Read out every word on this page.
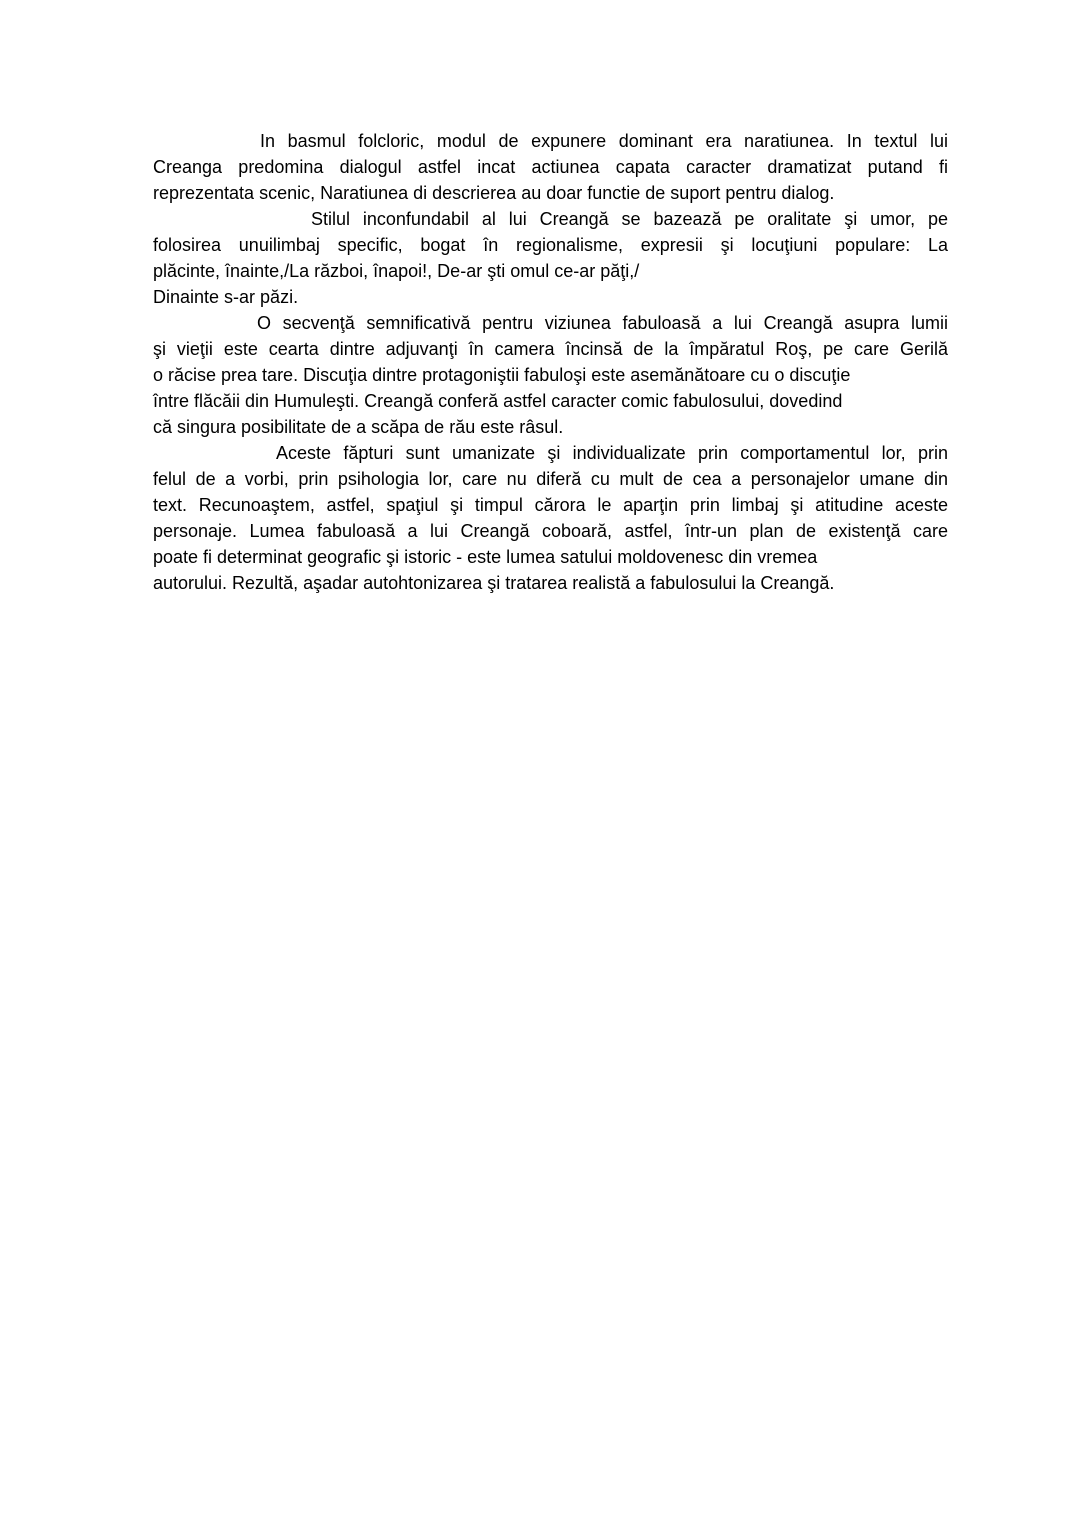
In basmul folcloric, modul de expunere dominant era naratiunea. In textul lui
Creanga predomina dialogul astfel incat actiunea capata caracter dramatizat putand fi
reprezentata scenic, Naratiunea di descrierea au doar functie de suport pentru dialog.
Stilul inconfundabil al lui Creangă se bazează pe oralitate şi umor, pe
folosirea unuilimbaj specific, bogat în regionalisme, expresii şi locuţiuni populare: La
plăcinte, înainte,/La război, înapoi!, De-ar şti omul ce-ar păţi,/
Dinainte s-ar păzi.
O secvenţă semnificativă pentru viziunea fabuloasă a lui Creangă asupra lumii
şi vieţii este cearta dintre adjuvanţi în camera încinsă de la împăratul Roş, pe care Gerilă
o răcise prea tare. Discuţia dintre protagoniştii fabuloşi este asemănătoare cu o discuţie
între flăcăii din Humuleşti. Creangă conferă astfel caracter comic fabulosului, dovedind
că singura posibilitate de a scăpa de rău este râsul.
Aceste făpturi sunt umanizate şi individualizate prin comportamentul lor, prin
felul de a vorbi, prin psihologia lor, care nu diferă cu mult de cea a personajelor umane din
text. Recunoaştem, astfel, spaţiul şi timpul cărora le aparţin prin limbaj şi atitudine aceste
personaje. Lumea fabuloasă a lui Creangă coboară, astfel, într-un plan de existenţă care
poate fi determinat geografic şi istoric - este lumea satului moldovenesc din vremea
autorului. Rezultă, aşadar autohtonizarea şi tratarea realistă a fabulosului la Creangă.
